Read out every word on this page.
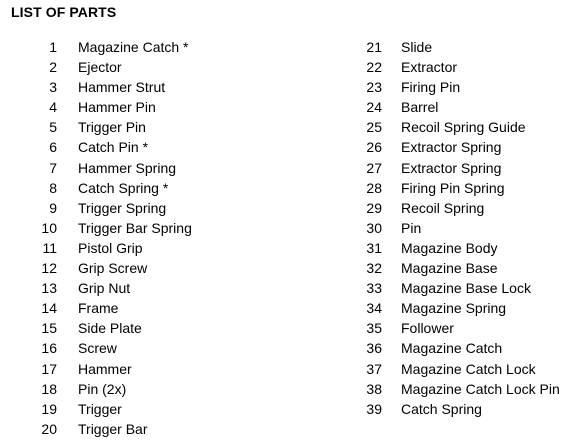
LIST OF PARTS
1 Magazine Catch *
2 Ejector
3 Hammer Strut
4 Hammer Pin
5 Trigger Pin
6 Catch Pin *
7 Hammer Spring
8 Catch Spring *
9 Trigger Spring
10 Trigger Bar Spring
11 Pistol Grip
12 Grip Screw
13 Grip Nut
14 Frame
15 Side Plate
16 Screw
17 Hammer
18 Pin (2x)
19 Trigger
20 Trigger Bar
21 Slide
22 Extractor
23 Firing Pin
24 Barrel
25 Recoil Spring Guide
26 Extractor Spring
27 Extractor Spring
28 Firing Pin Spring
29 Recoil Spring
30 Pin
31 Magazine Body
32 Magazine Base
33 Magazine Base Lock
34 Magazine Spring
35 Follower
36 Magazine Catch
37 Magazine Catch Lock
38 Magazine Catch Lock Pin
39 Catch Spring
